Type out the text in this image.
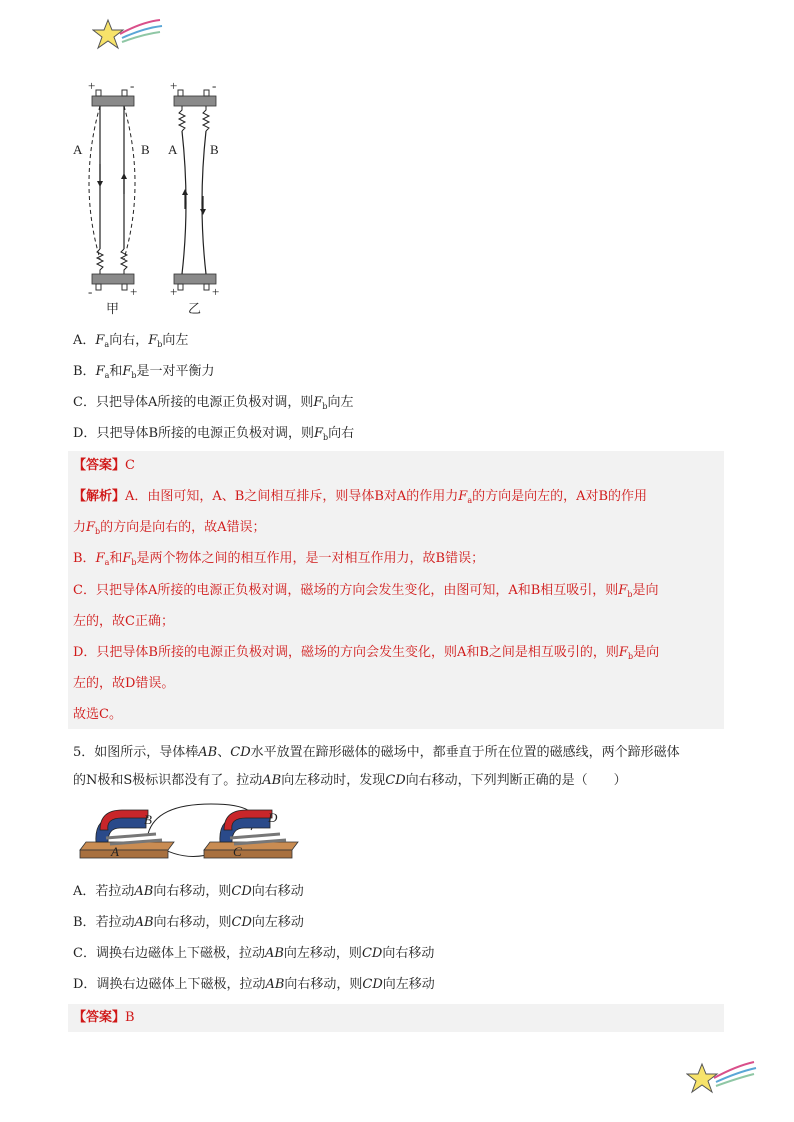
+	-
A	B
-	+
甲
+	-
A	B
+	+
乙
A．$F_a$向右，$F_b$向左
B．$F_a$和$F_b$是一对平衡力
C．只把导体A所接的电源正负极对调，则$F_b$向左
D．只把导体B所接的电源正负极对调，则$F_b$向右
【答案】C
【解析】A．由图可知，A、B之间相互排斥，则导体B对A的作用力$F_a$的方向是向左的，A对B的作用
力$F_b$的方向是向右的，故A错误；
B．$F_a$和$F_b$是两个物体之间的相互作用，是一对相互作用力，故B错误；
C．只把导体A所接的电源正负极对调，磁场的方向会发生变化，由图可知，A和B相互吸引，则$F_b$是向
左的，故C正确；
D．只把导体B所接的电源正负极对调，磁场的方向会发生变化，则A和B之间是相互吸引的，则$F_b$是向
左的，故D错误。
故选C。
5．如图所示，导体棒AB、CD水平放置在蹄形磁体的磁场中，都垂直于所在位置的磁感线，两个蹄形磁体
的N极和S极标识都没有了。拉动AB向左移动时，发现CD向右移动，下列判断正确的是（　　）
A
B
C
D
A．若拉动AB向右移动，则CD向右移动
B．若拉动AB向右移动，则CD向左移动
C．调换右边磁体上下磁极，拉动AB向左移动，则CD向右移动
D．调换右边磁体上下磁极，拉动AB向右移动，则CD向左移动
【答案】B
